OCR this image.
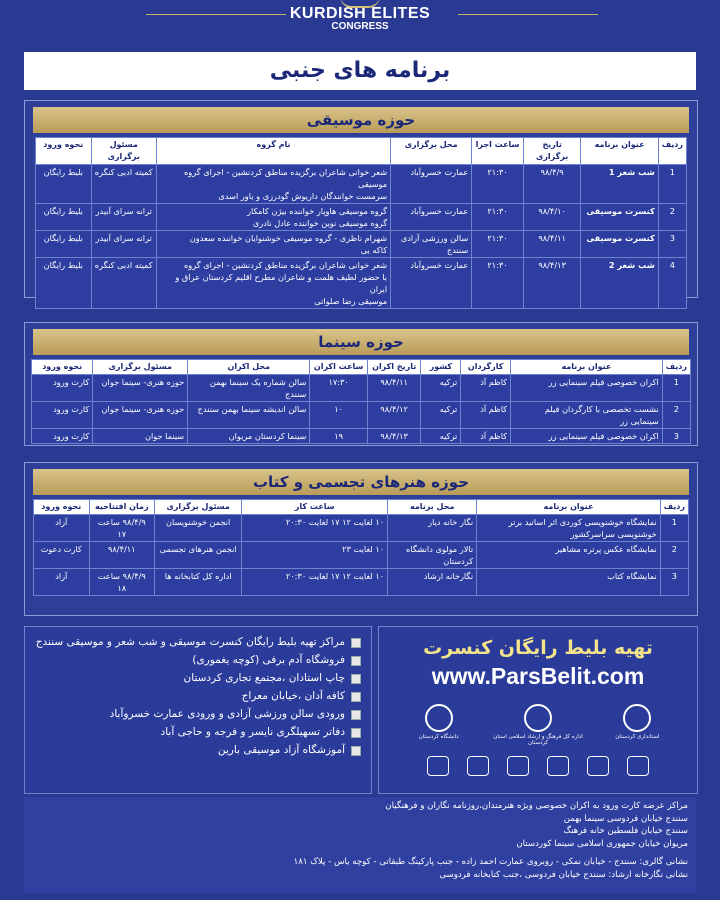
KURDISH ELITES
CONGRESS
برنامه های جنبی
حوزه موسیقی
ردیف	عنوان برنامه	تاریخ برگزاری	ساعت اجرا	محل برگزاری	نام گروه	مسئول برگزاری	نحوه ورود
1	شب شعر 1	۹۸/۴/۹	۲۱:۳۰	عمارت خسروآباد	شعر خوانی شاعران برگزیده مناطق کردنشین - اجرای گروه موسیقی
سرمست خوانندگان داریوش گودرزی و یاور اسدی	کمیته ادبی کنگره	بلیط رایگان
2	کنسرت موسیقی	۹۸/۴/۱۰	۲۱:۳۰	عمارت خسروآباد	گروه موسیقی هاوپار خواننده بیژن کامکار
گروه موسیقی نوین خواننده عادل نادری	ترانه سرای آبیدر	بلیط رایگان
3	کنسرت موسیقی	۹۸/۴/۱۱	۲۱:۳۰	سالن ورزشی آزادی سنندج	شهرام ناظری - گروه موسیقی خوشنوایان خواننده سعدون
کاکه یی	ترانه سرای آبیدر	بلیط رایگان
4	شب شعر 2	۹۸/۴/۱۳	۲۱:۳۰	عمارت خسروآباد	شعر خوانی شاعران برگزیده مناطق کردنشین - اجرای گروه
با حضور لطیف هلمت و شاعران مطرح اقلیم کردستان عراق و ایران
موسیقی رضا صلواتی	کمیته ادبی کنگره	بلیط رایگان
حوزه سینما
ردیف	عنوان برنامه	کارگردان	کشور	تاریخ اکران	ساعت اکران	محل اکران	مسئول برگزاری	نحوه ورود
1	اکران خصوصی فیلم سینمایی زر	کاظم آذ	ترکیه	۹۸/۴/۱۱	۱۷:۳۰	سالن شماره یک سینما بهمن سنندج	حوزه هنری- سینما جوان	کارت ورود
2	نشست تخصصی با کارگردان فیلم سینمایی زر	کاظم آذ	ترکیه	۹۸/۴/۱۲	۱۰	سالن اندیشه سینما بهمن سنندج	حوزه هنری- سینما جوان	کارت ورود
3	اکران خصوصی فیلم سینمایی زر	کاظم آذ	ترکیه	۹۸/۴/۱۳	۱۹	سینما کردستان مریوان	سینما جوان	کارت ورود
حوزه هنرهای تجسمی و کتاب
ردیف	عنوان برنامه	محل برنامه	ساعت کار	مسئول برگزاری	زمان افتتاحیه	نحوه ورود
1	نمایشگاه خوشنویسی کوردی اثر اساتید برتر خوشنویسی سراسرکشور	نگار خانه دیار	۱۰ لغایت ۱۲ ۱۷ لغایت ۲۰:۳۰	انجمن خوشنویسان	۹۸/۴/۹ ساعت ۱۷	آزاد
2	نمایشگاه عکس پرتره مشاهیر	تالار مولوی دانشگاه کردستان	۱۰ لغایت ۲۳	انجمن هنرهای تجسمی	۹۸/۴/۱۱	کارت دعوت
3	نمایشگاه کتاب	نگارخانه ارشاد	۱۰ لغایت ۱۲ ۱۷ لغایت ۲۰:۳۰	اداره کل کتابخانه ها	۹۸/۴/۹ ساعت ۱۸	آزاد
تهیه بلیط رایگان کنسرت
www.ParsBelit.com
استانداری کردستان
اداره کل فرهنگ و ارشاد اسلامی استان کردستان
دانشگاه کردستان
مراکز تهیه بلیط رایگان کنسرت موسیقی و شب شعر و موسیقی سنندج
فروشگاه آدم برفی (کوچه یغموری)
چاپ استادان ،مجتمع تجاری کردستان
کافه آدان ،خیابان معراج
ورودی سالن ورزشی آزادی و ورودی عمارت خسروآباد
دفاتر تسهیلگری نایسر و فرجه و حاجی آباد
آموزشگاه آزاد موسیقی بارین

مراکز عرضه کارت ورود به اکران خصوصی ویژه هنرمندان،روزنامه نگاران و فرهنگیان

سنندج خیابان فردوسی سینما بهمن

سنندج خیابان فلسطین خانه فرهنگ

مریوان خیابان جمهوری اسلامی سینما کوردستان

نشانی گالری: سنندج - خیابان نمکی - روبروی عمارت احمد زاده - جنب پارکینگ طبقاتی - کوچه یاس - پلاک ۱۸۱

نشانی نگارخانه ارشاد: سنندج خیابان فردوسی ،جنب کتابخانه فردوسی
